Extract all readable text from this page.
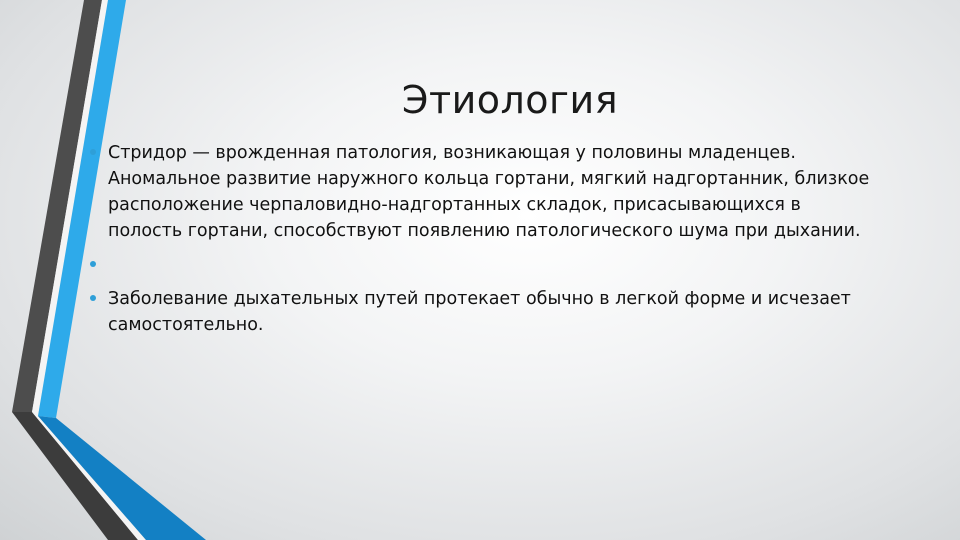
Этиология
Стридор — врожденная патология, возникающая у половины младенцев. Аномальное развитие наружного кольца гортани, мягкий надгортанник, близкое расположение черпаловидно-надгортанных складок, присасывающихся в полость гортани, способствуют появлению патологического шума при дыхании.
Заболевание дыхательных путей протекает обычно в легкой форме и исчезает самостоятельно.
